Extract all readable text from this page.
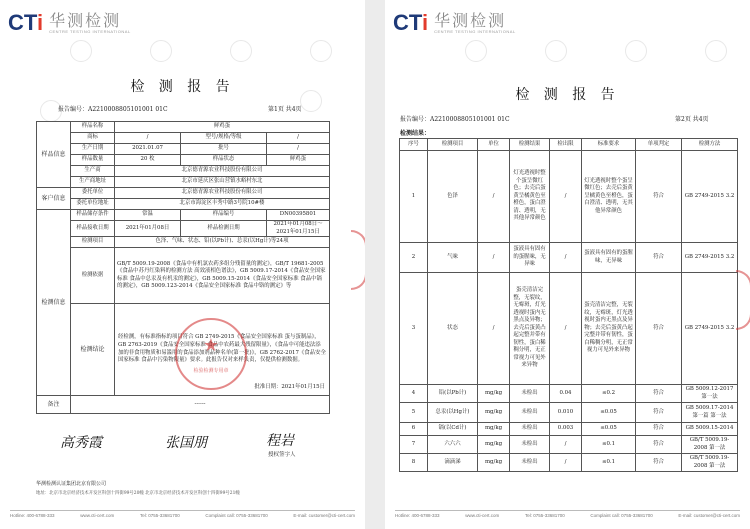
CTi 华测检测
CENTRE TESTING INTERNATIONAL
检 测 报 告
报告编号：A2210008805101001 01C	第1页 共4页
样品信息	样品名称	鲜鸡蛋		
	商标	/	型号/规格/等级	/
	生产日期	2021.01.07	批号	/
	样品数量	20 枚	样品状态	鲜鸡蛋
	生产商	北京德青源农业科技股份有限公司		
	生产商地址	北京市延庆区张山营镇水峪村东北		
客户信息	委托单位	北京德青源农业科技股份有限公司		
	委托单位地址	北京市海淀区丰秀中路3号院10#楼		
检测信息	样品储存条件	常温	样品编号	DN00395801
	样品接收日期	2021年01月08日	样品检测日期	2021年01月08日～ 2021年01月15日
	检测项目	色泽、气味、状态、铅(以Pb计)、总汞(以Hg计)等24项		
	检测依据	GB/T 5009.19-2008《食品中有机氯农药多组分残留量的测定》，GB/T 19681-2005《食品中苏丹红染料的检测方法 高效液相色谱法》，GB 5009.17-2014《食品安全国家标准 食品中总汞及有机汞的测定》，GB 5009.15-2014《食品安全国家标准 食品中镉的测定》，GB 5009.123-2014《食品安全国家标准 食品中铬的测定》等		
	检测结论	经检测，有标准指标的项目符合 GB 2749-2015《食品安全国家标准 蛋与蛋制品》，GB 2763-2019《食品安全国家标准 食品中农药最大残留限量》，《食品中可能违法添加的非食用物质和易滥用的食品添加剂品种名单(第一批)》，GB 2762-2017《食品安全国家标准 食品中污染物限量》要求。此报告仅对来样负责，仅提供检测数据。
★
检验检测专用章
批准日期：2021年01月15日		

备注	------			
高秀霞	张国朋	程岩
授权签字人
华测检测认证集团北京有限公司
地址：北京市北京经济技术开发区科创十四街99号20幢 北京市北京经济技术开发区科创十四街99号21幢
Hotline: 400-6788-333	www.cti-cert.com	Tel: 0755-33681700	Complaint call: 0755-33681700	E-mail: customer@cti-cert.com
CTi 华测检测
CENTRE TESTING INTERNATIONAL
检 测 报 告
报告编号：A2210008805101001 01C	第2页 共4页
检测结果：
序号	检测项目	单位	检测结果	检出限	标准要求	单项判定	检测方法
1	色泽	/	灯光透视时整个蛋呈微红色；去壳后蛋黄呈橘黄色至橙色，蛋白澄清、透明，无其他异常颜色	/	灯光透视时整个蛋呈微红色；去壳后蛋黄呈橘黄色至橙色，蛋白澄清、透明，无其他异常颜色	符合	GB 2749-2015 3.2
2	气味	/	蛋液具有固有的蛋腥味，无异味	/	蛋液具有固有的蛋腥味，无异味	符合	GB 2749-2015 3.2
3	状态	/	蛋壳清洁完整，无裂纹，无霉斑，灯光透视时蛋内无黑点及异物；去壳后蛋黄凸起完整并带有韧性，蛋白稀稠分明，无正常视力可见外来异物	/	蛋壳清洁完整，无裂纹，无霉斑，灯光透视时蛋内无黑点及异物；去壳后蛋黄凸起完整并带有韧性，蛋白稀稠分明，无正常视力可见外来异物	符合	GB 2749-2015 3.2
4	铅(以Pb计)	mg/kg	未检出	0.04	≤0.2	符合	GB 5009.12-2017 第一法
5	总汞(以Hg计)	mg/kg	未检出	0.010	≤0.05	符合	GB 5009.17-2014 第一篇 第一法
6	镉(以Cd计)	mg/kg	未检出	0.003	≤0.05	符合	GB 5009.15-2014
7	六六六	mg/kg	未检出	/	≤0.1	符合	GB/T 5009.19-2008 第一法
8	滴滴涕	mg/kg	未检出	/	≤0.1	符合	GB/T 5009.19-2008 第一法
Hotline: 400-6788-333	www.cti-cert.com	Tel: 0755-33681700	Complaint call: 0755-33681700	E-mail: customer@cti-cert.com
